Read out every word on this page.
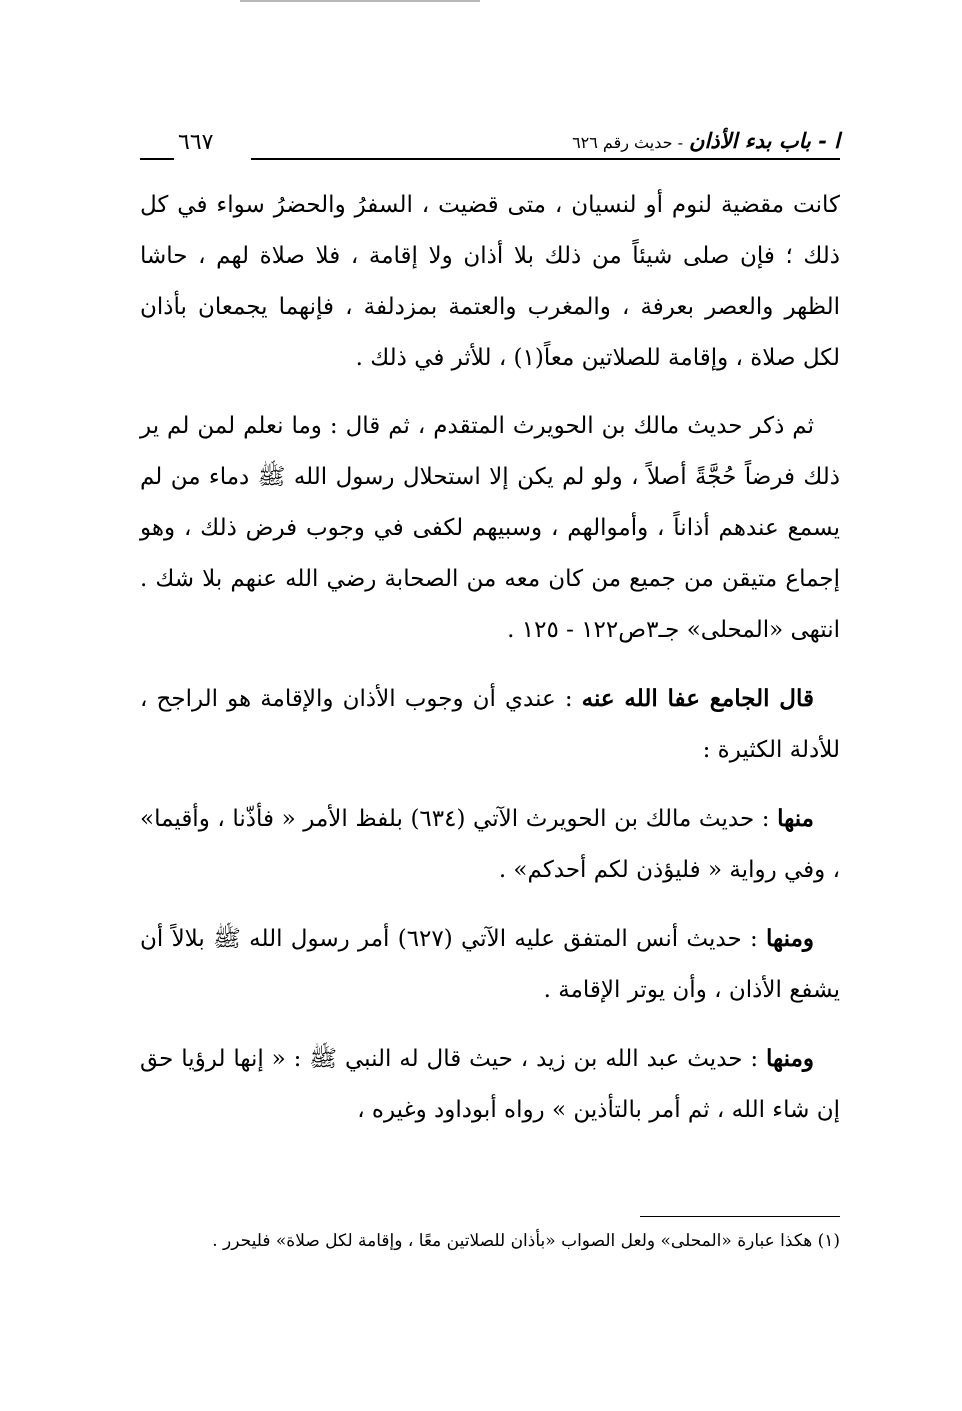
ا - باب بدء الأذان - حديث رقم ٦٢٦
٦٦٧

كانت مقضية لنوم أو لنسيان ، متى قضيت ، السفرُ والحضرُ سواء في كل ذلك ؛ فإن صلى شيئاً من ذلك بلا أذان ولا إقامة ، فلا صلاة لهم ، حاشا الظهر والعصر بعرفة ، والمغرب والعتمة بمزدلفة ، فإنهما يجمعان بأذان لكل صلاة ، وإقامة للصلاتين معاً(١) ، للأثر في ذلك .

ثم ذكر حديث مالك بن الحويرث المتقدم ، ثم قال : وما نعلم لمن لم ير ذلك فرضاً حُجَّةً أصلاً ، ولو لم يكن إلا استحلال رسول الله ﷺ دماء من لم يسمع عندهم أذاناً ، وأموالهم ، وسبيهم لكفى في وجوب فرض ذلك ، وهو إجماع متيقن من جميع من كان معه من الصحابة رضي الله عنهم بلا شك . انتهى «المحلى» جـ٣ص١٢٢ - ١٢٥ .

قال الجامع عفا الله عنه : عندي أن وجوب الأذان والإقامة هو الراجح ، للأدلة الكثيرة :

منها : حديث مالك بن الحويرث الآتي (٦٣٤) بلفظ الأمر « فأذّنا ، وأقيما» ، وفي رواية « فليؤذن لكم أحدكم» .

ومنها : حديث أنس المتفق عليه الآتي (٦٢٧) أمر رسول الله ﷺ بلالاً أن يشفع الأذان ، وأن يوتر الإقامة .

ومنها : حديث عبد الله بن زيد ، حيث قال له النبي ﷺ : « إنها لرؤيا حق إن شاء الله ، ثم أمر بالتأذين » رواه أبوداود وغيره ،

(١) هكذا عبارة «المحلى» ولعل الصواب «بأذان للصلاتين معًا ، وإقامة لكل صلاة» فليحرر .
